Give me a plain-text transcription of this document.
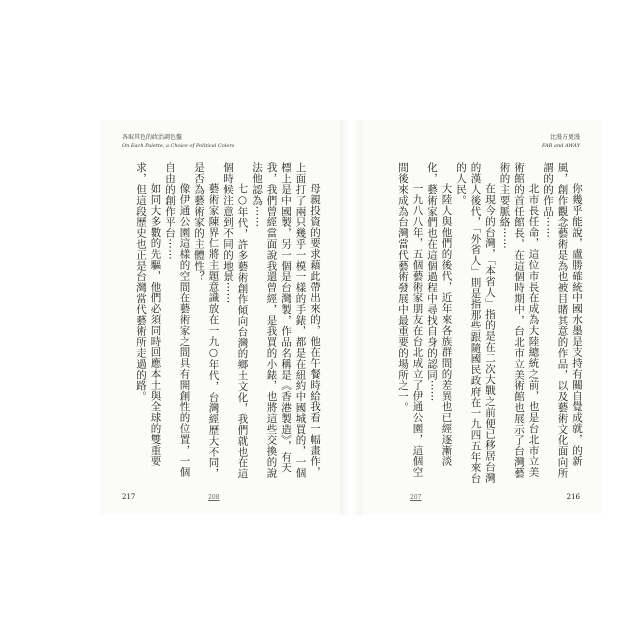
各取其色的政治調色盤
On Each Palette, a Choice of Political Colors

母親投資的要求藉此帶出來的，他在午餐時給我看一幅畫作，上面打了兩只幾乎一模一樣的手錶，都是在紐約中國城買的，一個標上是中國製，另一個是台灣製，作品名稱是《香港製造》，有天我，我們曾經當面說我還曾經，是我買的小錶，也將這些交換的說法他認為⋯⋯

七○年代，許多藝術創作傾向台灣的鄉土文化，我們就也在這個時候注意到不同的地景⋯⋯

藝術家陳界仁將主題意識放在一九○年代，台灣經歷大不同，是否為藝術家的主體性？

像伊通公園這樣的空間在藝術家之間具有開創性的位置，一個自由的創作平台⋯⋯

如同大多數的先驅，他們必須同時回應本土與全球的雙重要求，但這段歷史也正是台灣當代藝術所走過的路。

208
217
比漫方更漫
FAR and AWAY

你幾乎能說，盧勝確統中國水墨是支持有關自覺成就，的新風，創作觀念藝術是為也被目賭其意的作品，以及藝術文化面向所謂的的作品⋯⋯

北市長任命，這位市長在成為大陸總統之前，也是台北市立美術館的首任館長，在這個時期中，台北市立美術館也展示了台灣藝術的主要脈絡⋯⋯

在現今的台灣，「本省人」指的是在二次大戰之前便已移居台灣的漢人後代，「外省人」則是指那些跟隨國民政府在一九四五年來台的人民。

大陸人與他們的後代，近年來各族群間的差異也已經逐漸淡化，藝術家們也在這個過程中尋找自身的認同⋯⋯

一九八八年，五個藝術家朋友在台北成立了伊通公園，這個空間後來成為台灣當代藝術發展中最重要的場所之一。

207	216
